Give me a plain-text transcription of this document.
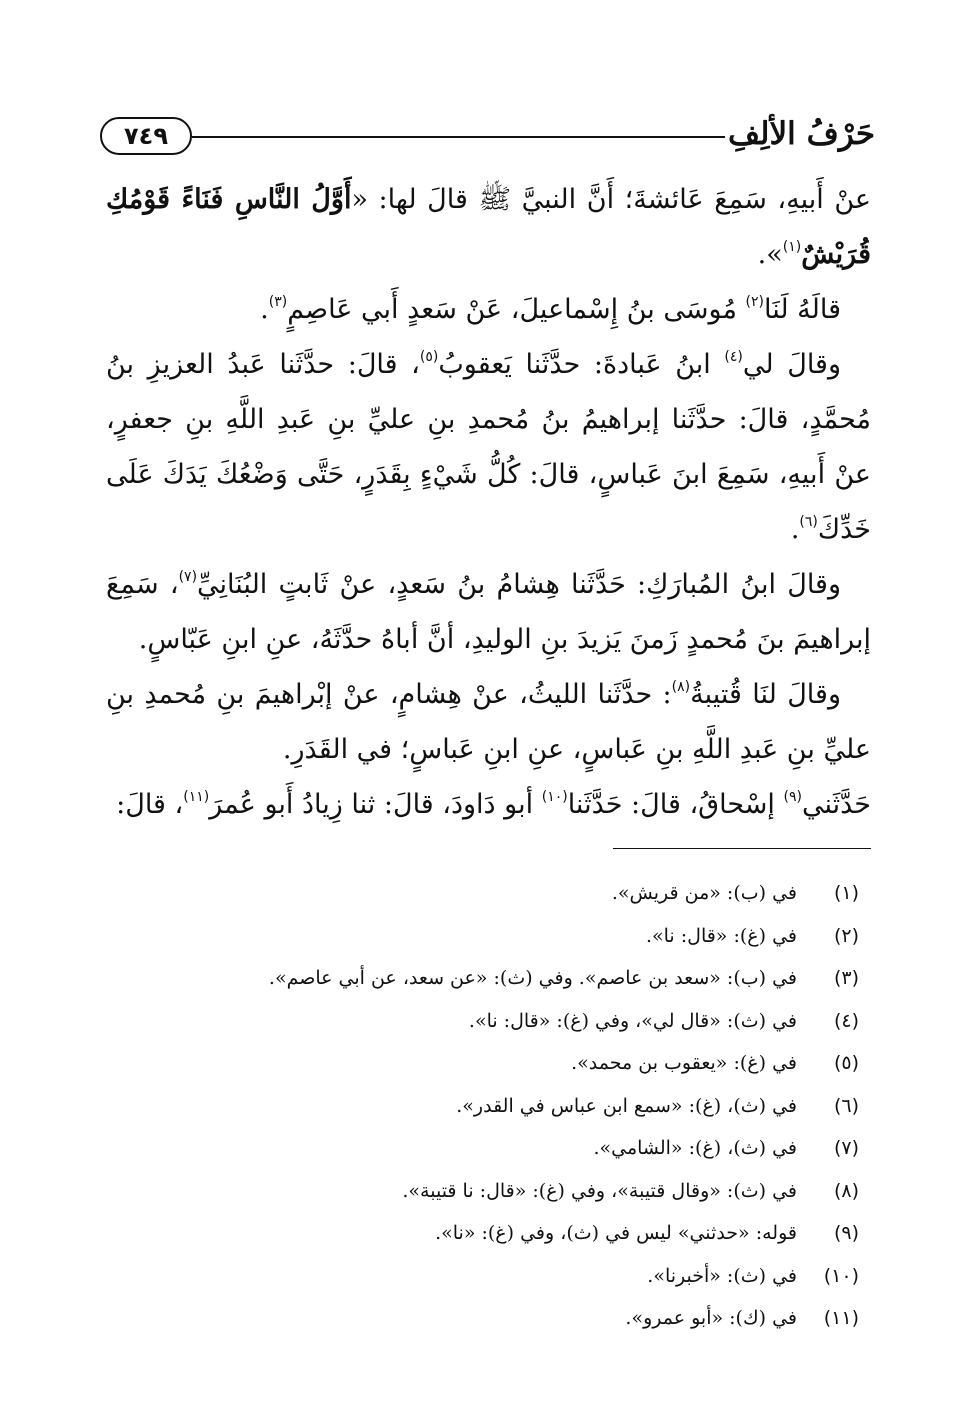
حَرْفُ الألِفِ
٧٤٩

عنْ أَبيهِ، سَمِعَ عَائشةَ؛ أَنَّ النبيَّ ﷺ قالَ لها: «أَوَّلُ النَّاسِ فَنَاءً قَوْمُكِ قُرَيْشٌ$^{(١)}$».

قالَهُ لَنَا$^{(٢)}$ مُوسَى بنُ إِسْماعيلَ، عَنْ سَعدٍ أَبي عَاصِمٍ$^{(٣)}$.

وقالَ لي$^{(٤)}$ ابنُ عَبادةَ: حدَّثَنا يَعقوبُ$^{(٥)}$، قالَ: حدَّثَنا عَبدُ العزيزِ بنُ مُحمَّدٍ، قالَ: حدَّثَنا إبراهيمُ بنُ مُحمدِ بنِ عليِّ بنِ عَبدِ اللَّهِ بنِ جعفرٍ، عنْ أَبيهِ، سَمِعَ ابنَ عَباسٍ، قالَ: كُلُّ شَيْءٍ بِقَدَرٍ، حَتَّى وَضْعُكَ يَدَكَ عَلَى خَدِّكَ$^{(٦)}$.

وقالَ ابنُ المُبارَكِ: حَدَّثَنا هِشامُ بنُ سَعدٍ، عنْ ثَابتٍ البُنَانِيِّ$^{(٧)}$، سَمِعَ إبراهيمَ بنَ مُحمدٍ زَمنَ يَزيدَ بنِ الوليدِ، أنَّ أباهُ حدَّثَهُ، عنِ ابنِ عَبّاسٍ.

وقالَ لنَا قُتيبةُ$^{(٨)}$: حدَّثَنا الليثُ، عنْ هِشامٍ، عنْ إبْراهيمَ بنِ مُحمدِ بنِ عليِّ بنِ عَبدِ اللَّهِ بنِ عَباسٍ، عنِ ابنِ عَباسٍ؛ في القَدَرِ.

حَدَّثَني$^{(٩)}$ إسْحاقُ، قالَ: حَدَّثَنا$^{(١٠)}$ أبو دَاودَ، قالَ: ثنا زِيادُ أَبو عُمرَ$^{(١١)}$، قالَ:

(١)
في (ب): «من قريش».
(٢)
في (غ): «قال: نا».
(٣)
في (ب): «سعد بن عاصم». وفي (ث): «عن سعد، عن أبي عاصم».
(٤)
في (ث): «قال لي»، وفي (غ): «قال: نا».
(٥)
في (غ): «يعقوب بن محمد».
(٦)
في (ث)، (غ): «سمع ابن عباس في القدر».
(٧)
في (ث)، (غ): «الشامي».
(٨)
في (ث): «وقال قتيبة»، وفي (غ): «قال: نا قتيبة».
(٩)
قوله: «حدثني» ليس في (ث)، وفي (غ): «نا».
(١٠)
في (ث): «أخبرنا».
(١١)
في (ك): «أبو عمرو».
